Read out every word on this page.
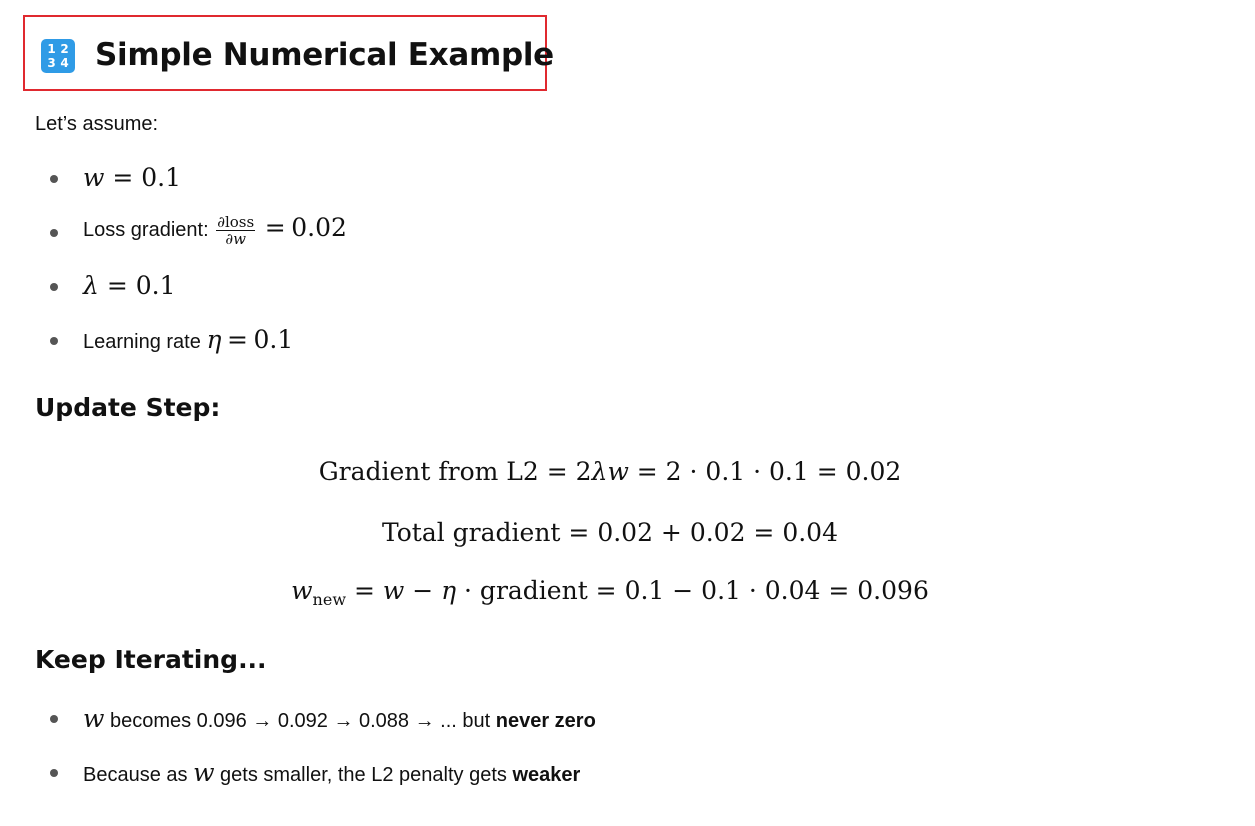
1 2
3 4 Simple Numerical Example
Let’s assume:
w = 0.1
Loss gradient: $\frac{\text{∂loss}}{\partial w} = 0.02$
λ = 0.1
Learning rate η = 0.1
Update Step:
Gradient from L2 = 2λw = 2 · 0.1 · 0.1 = 0.02
Total gradient = 0.02 + 0.02 = 0.04
$w_{new} = w - \eta$ · gradient = 0.1 − 0.1 · 0.04 = 0.096
Keep Iterating...
w becomes 0.096 → 0.092 → 0.088 → ... but never zero
Because as w gets smaller, the L2 penalty gets weaker
